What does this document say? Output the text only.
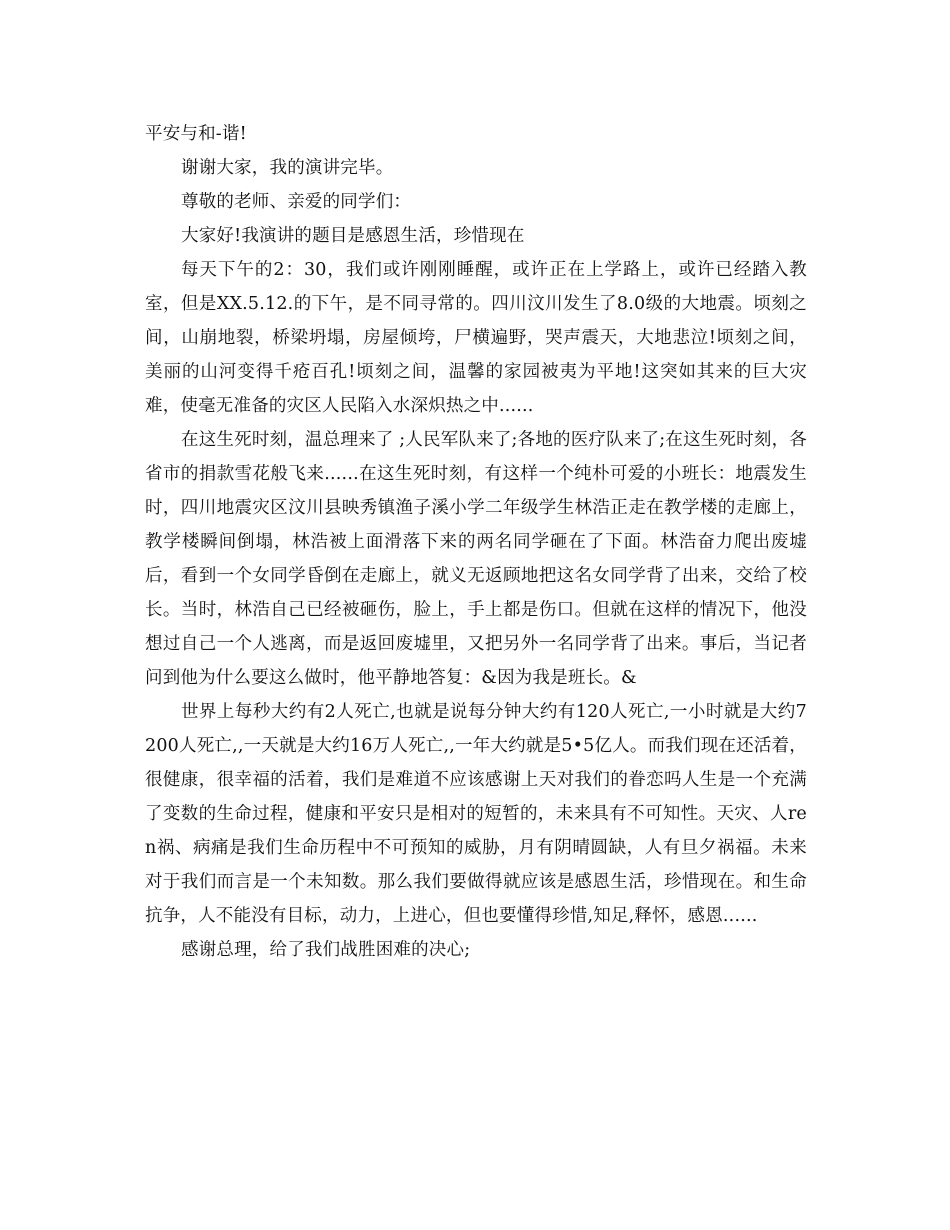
平安与和-谐!

谢谢大家，我的演讲完毕。

尊敬的老师、亲爱的同学们：

大家好!我演讲的题目是感恩生活，珍惜现在

每天下午的2：30，我们或许刚刚睡醒，或许正在上学路上，或许已经踏入教室，但是XX.5.12.的下午，是不同寻常的。四川汶川发生了8.0级的大地震。顷刻之间，山崩地裂，桥梁坍塌，房屋倾垮，尸横遍野，哭声震天，大地悲泣!顷刻之间，美丽的山河变得千疮百孔!顷刻之间，温馨的家园被夷为平地!这突如其来的巨大灾难，使毫无准备的灾区人民陷入水深炽热之中......

在这生死时刻，温总理来了 ;人民军队来了;各地的医疗队来了;在这生死时刻，各省市的捐款雪花般飞来......在这生死时刻，有这样一个纯朴可爱的小班长：地震发生时，四川地震灾区汶川县映秀镇渔子溪小学二年级学生林浩正走在教学楼的走廊上，教学楼瞬间倒塌，林浩被上面滑落下来的两名同学砸在了下面。林浩奋力爬出废墟后，看到一个女同学昏倒在走廊上，就义无返顾地把这名女同学背了出来，交给了校长。当时，林浩自己已经被砸伤，脸上，手上都是伤口。但就在这样的情况下，他没想过自己一个人逃离，而是返回废墟里，又把另外一名同学背了出来。事后，当记者问到他为什么要这么做时，他平静地答复：&因为我是班长。&

世界上每秒大约有2人死亡,也就是说每分钟大约有120人死亡,一小时就是大约7200人死亡,,一天就是大约16万人死亡,,一年大约就是5•5亿人。而我们现在还活着，很健康，很幸福的活着，我们是难道不应该感谢上天对我们的眷恋吗人生是一个充满了变数的生命过程，健康和平安只是相对的短暂的，未来具有不可知性。天灾、人ren祸、病痛是我们生命历程中不可预知的威胁，月有阴晴圆缺，人有旦夕祸福。未来对于我们而言是一个未知数。那么我们要做得就应该是感恩生活，珍惜现在。和生命抗争，人不能没有目标，动力，上进心，但也要懂得珍惜,知足,释怀，感恩......

感谢总理，给了我们战胜困难的决心;
